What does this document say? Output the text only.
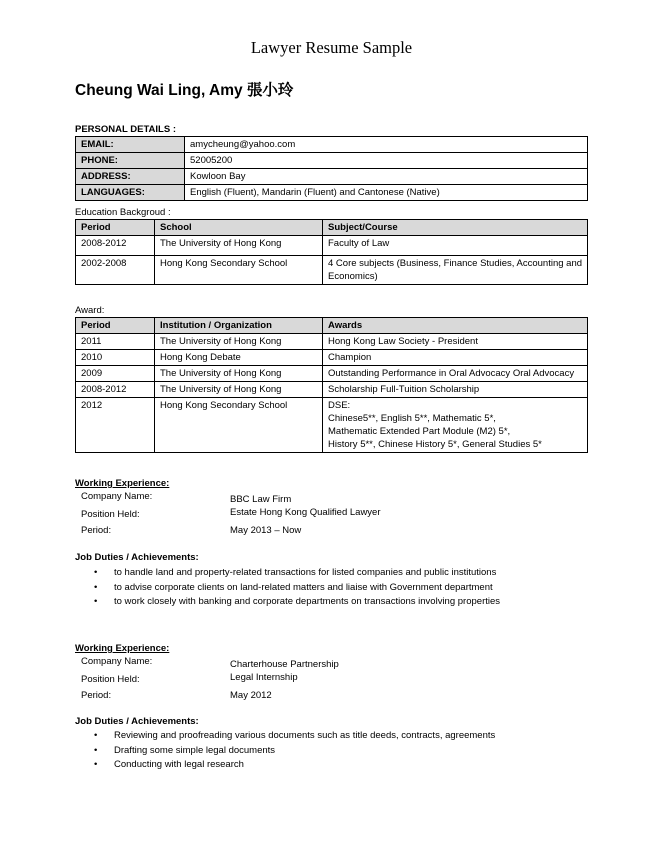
Lawyer Resume Sample
Cheung Wai Ling, Amy 張小玲
PERSONAL DETAILS :
EMAIL:	amycheung@yahoo.com
PHONE:	52005200
ADDRESS:	Kowloon Bay
LANGUAGES:	English (Fluent), Mandarin (Fluent) and Cantonese (Native)
Education Backgroud :
Period	School	Subject/Course
2008-2012	The University of Hong Kong	Faculty of Law
2002-2008	Hong Kong Secondary School	4 Core subjects (Business, Finance Studies, Accounting and Economics)
Award:
Period	Institution / Organization	Awards
2011	The University of Hong Kong	Hong Kong Law Society - President
2010	Hong Kong Debate	Champion
2009	The University of Hong Kong	Outstanding Performance in Oral Advocacy Oral Advocacy
2008-2012	The University of Hong Kong	Scholarship Full-Tuition Scholarship
2012	Hong Kong Secondary School	DSE:
Chinese5**, English 5**, Mathematic 5*,
Mathematic Extended Part Module (M2) 5*,
History 5**, Chinese History 5*, General Studies 5*
Working Experience:
Company Name:	BBC Law Firm
Position Held:	Estate Hong Kong Qualified Lawyer
Period:	May 2013 – Now
Job Duties / Achievements:
• to handle land and property-related transactions for listed companies and public institutions
• to advise corporate clients on land-related matters and liaise with Government department
• to work closely with banking and corporate departments on transactions involving properties
Working Experience:
Company Name:	Charterhouse Partnership
Position Held:	Legal Internship
Period:	May 2012
Job Duties / Achievements:
• Reviewing and proofreading various documents such as title deeds, contracts, agreements
• Drafting some simple legal documents
• Conducting with legal research
